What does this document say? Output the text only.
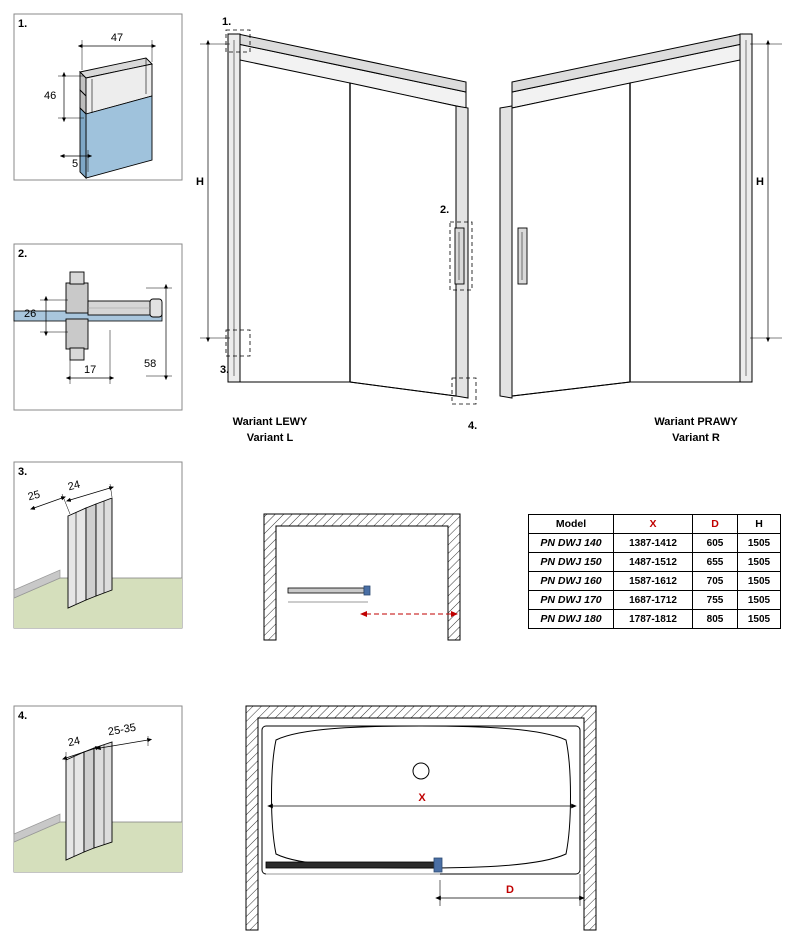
1.
2.
3.
4.
47
46
5
26
17	58
25
24
24
25-35
1.
2.
3.
4.
H	H
Wariant LEWY
Variant L
Wariant PRAWY
Variant R
X
D
Model	X	D	H
PN DWJ 140	1387-1412	605	1505
PN DWJ 150	1487-1512	655	1505
PN DWJ 160	1587-1612	705	1505
PN DWJ 170	1687-1712	755	1505
PN DWJ 180	1787-1812	805	1505
